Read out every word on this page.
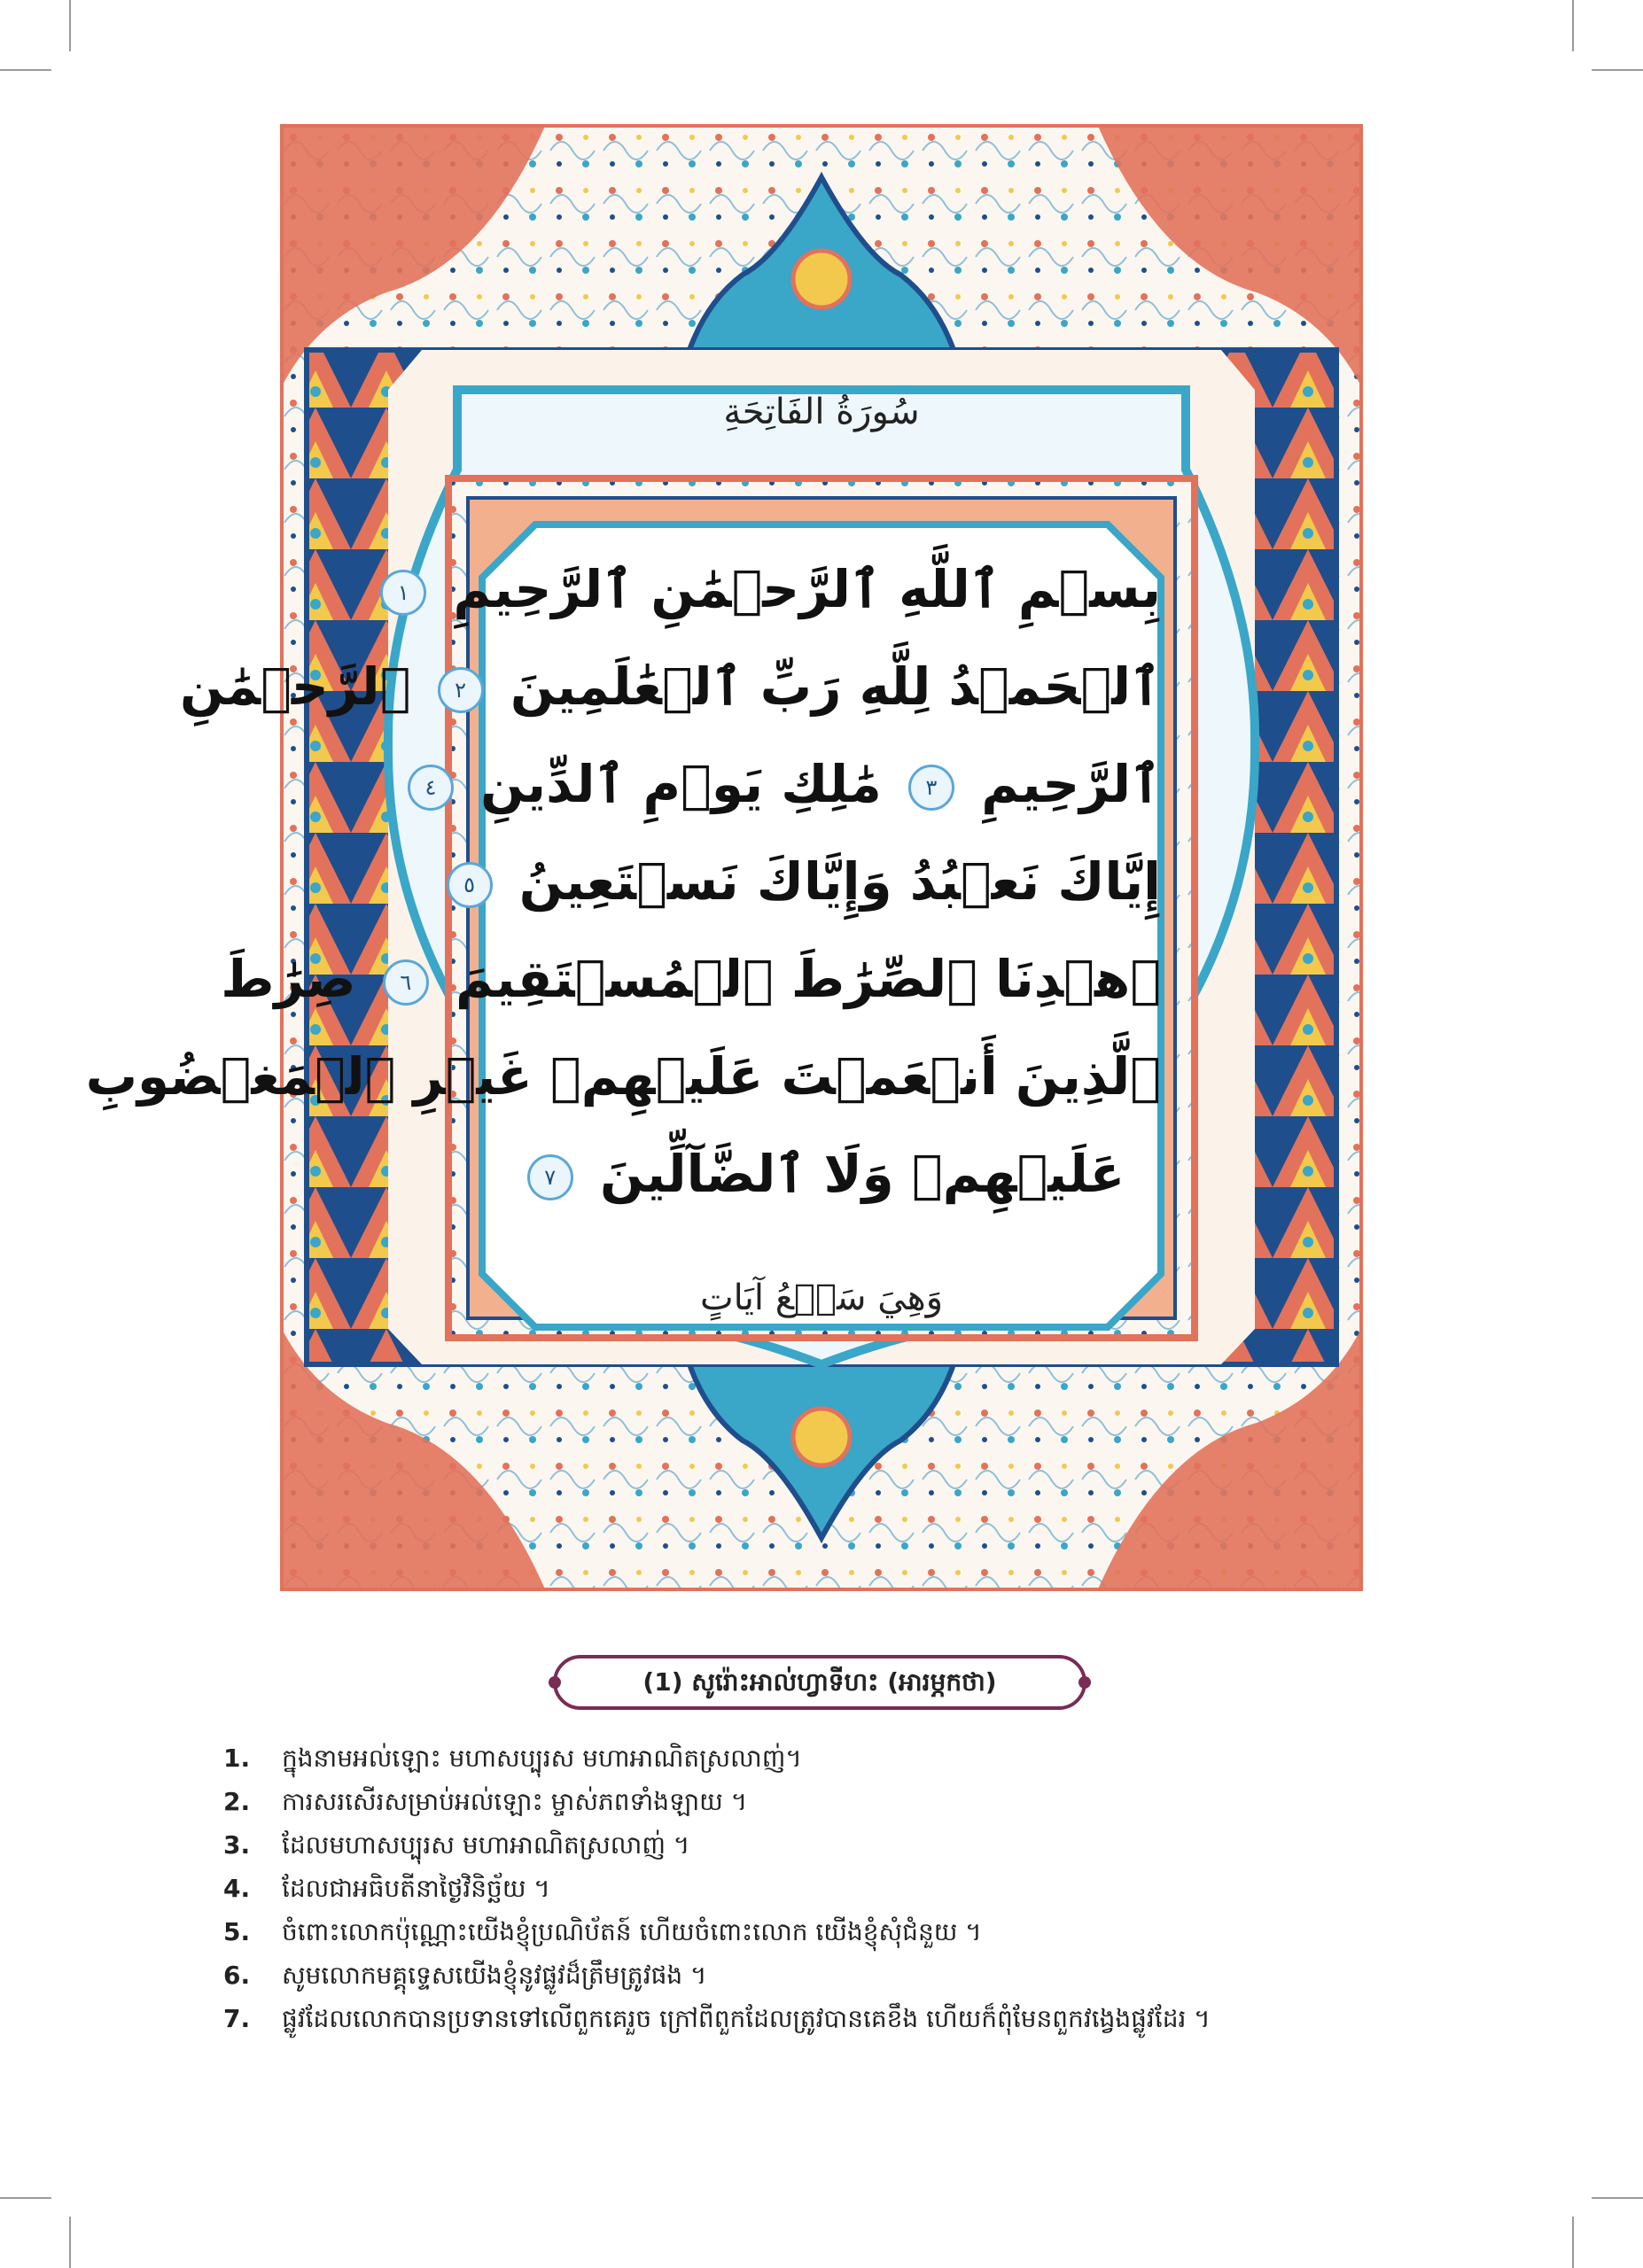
سُورَةُ الفَاتِحَةِ
بِسۡمِ ٱللَّهِ ٱلرَّحۡمَٰنِ ٱلرَّحِيمِ ١
ٱلۡحَمۡدُ لِلَّهِ رَبِّ ٱلۡعَٰلَمِينَ ٢ ٱلرَّحۡمَٰنِ
ٱلرَّحِيمِ ٣ مَٰلِكِ يَوۡمِ ٱلدِّينِ ٤
إِيَّاكَ نَعۡبُدُ وَإِيَّاكَ نَسۡتَعِينُ ٥
ٱهۡدِنَا ٱلصِّرَٰطَ ٱلۡمُسۡتَقِيمَ ٦ صِرَٰطَ
ٱلَّذِينَ أَنۡعَمۡتَ عَلَيۡهِمۡ غَيۡرِ ٱلۡمَغۡضُوبِ
عَلَيۡهِمۡ وَلَا ٱلضَّآلِّينَ ٧
وَهِيَ سَبۡعُ آيَاتٍ
(1) សូរ៉ោះអាល់ហ្វាទីហះ (អារម្ភកថា)
1.	ក្នុងនាមអល់ឡោះ មហាសប្បុរស មហាអាណិតស្រលាញ់។
2.	ការសរសើរសម្រាប់អល់ឡោះ ម្ចាស់ភពទាំងឡាយ ។
3.	ដែលមហាសប្បុរស មហាអាណិតស្រលាញ់ ។
4.	ដែលជាអធិបតីនាថ្ងៃវិនិច្ឆ័យ ។
5.	ចំពោះលោកប៉ុណ្ណោះយើងខ្ញុំប្រណិប័តន៍ ហើយចំពោះលោក យើងខ្ញុំសុំជំនួយ ។
6.	សូមលោកមគ្គុទ្ទេសយើងខ្ញុំនូវផ្លូវដ៏ត្រឹមត្រូវផង ។
7.	ផ្លូវដែលលោកបានប្រទានទៅលើពួកគេរួច ក្រៅពីពួកដែលត្រូវបានគេខឹង ហើយក៏ពុំមែនពួកវង្វេងផ្លូវដែរ ។
